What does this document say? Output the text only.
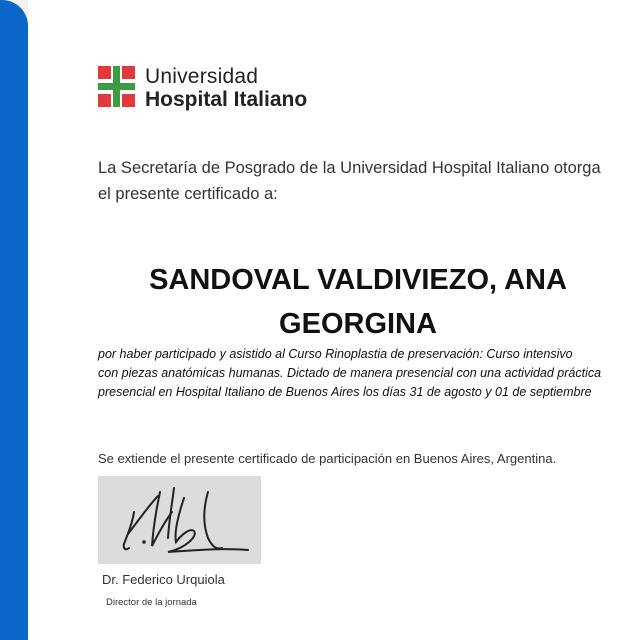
Universidad
Hospital Italiano
La Secretaría de Posgrado de la Universidad Hospital Italiano otorga
el presente certificado a:
SANDOVAL VALDIVIEZO, ANA
GEORGINA
por haber participado y asistido al Curso Rinoplastia de preservación: Curso intensivo
con piezas anatómicas humanas. Dictado de manera presencial con una actividad práctica
presencial en Hospital Italiano de Buenos Aires los días 31 de agosto y 01 de septiembre
Se extiende el presente certificado de participación en Buenos Aires, Argentina.
Dr. Federico Urquiola
Director de la jornada
